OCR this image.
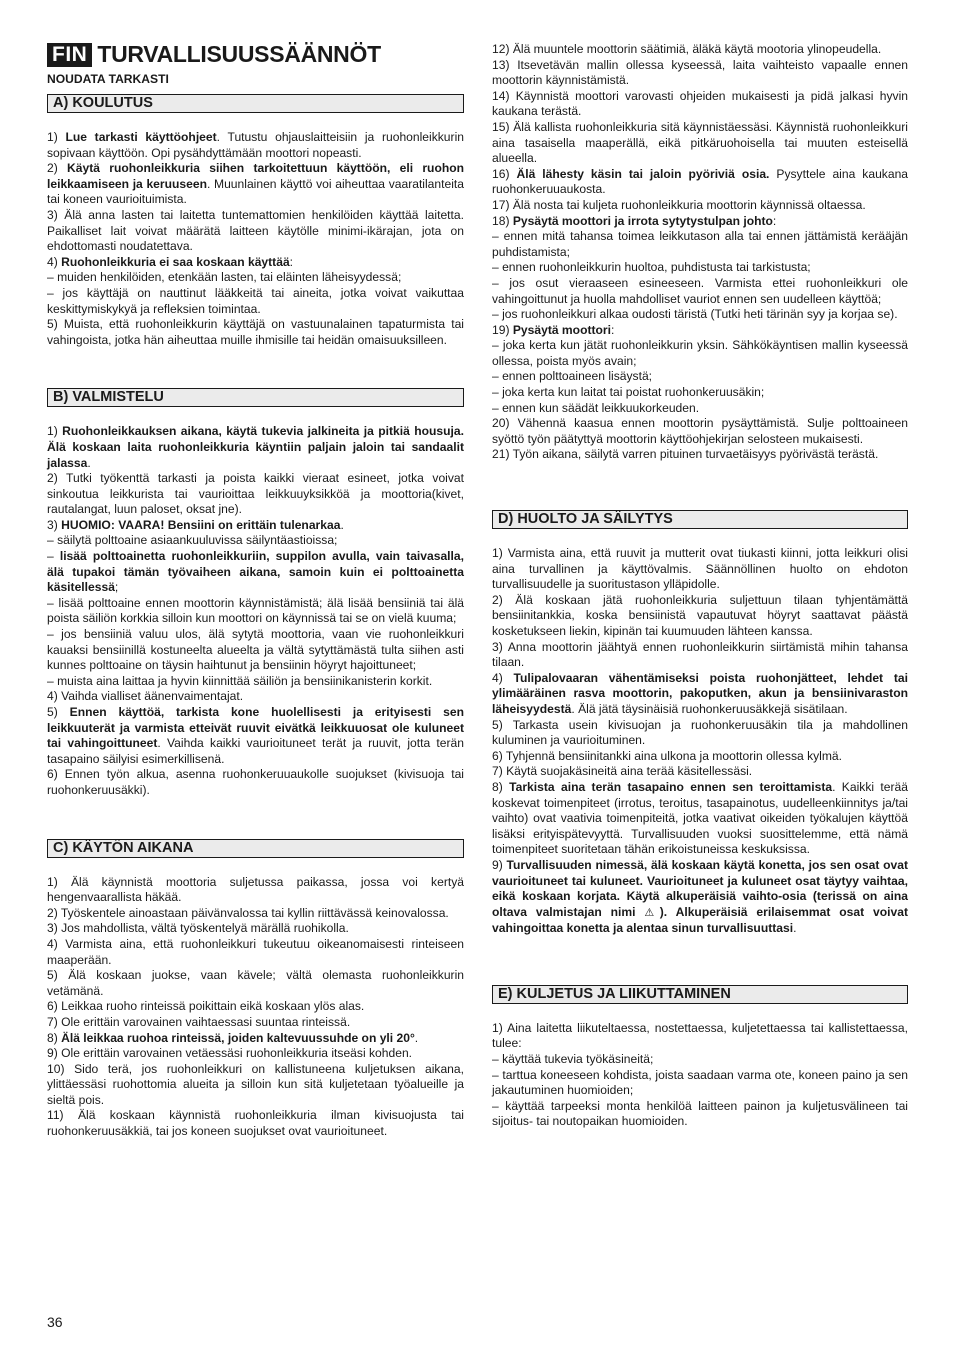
FIN TURVALLISUUSSÄÄNNÖT
NOUDATA TARKASTI
A) KOULUTUS

1) Lue tarkasti käyttöohjeet. Tutustu ohjauslaitteisiin ja ruohonleikkurin sopivaan käyttöön. Opi pysähdyttämään moottori nopeasti.

2) Käytä ruohonleikkuria siihen tarkoitettuun käyttöön, eli ruohon leikkaamiseen ja keruuseen. Muunlainen käyttö voi aiheuttaa vaaratilanteita tai koneen vaurioituimista.

3) Älä anna lasten tai laitetta tuntemattomien henkilöiden käyttää laitetta. Paikalliset lait voivat määrätä laitteen käytölle minimi-ikärajan, jota on ehdottomasti noudatettava.

4) Ruohonleikkuria ei saa koskaan käyttää:

– muiden henkilöiden, etenkään lasten, tai eläinten läheisyydessä;

– jos käyttäjä on nauttinut lääkkeitä tai aineita, jotka voivat vaikuttaa keskittymiskykyä ja refleksien toimintaa.

5) Muista, että ruohonleikkurin käyttäjä on vastuunalainen tapaturmista tai vahingoista, jotka hän aiheuttaa muille ihmisille tai heidän omaisuuksilleen.

B) VALMISTELU

1) Ruohonleikkauksen aikana, käytä tukevia jalkineita ja pitkiä housuja. Älä koskaan laita ruohonleikkuria käyntiin paljain jaloin tai sandaalit jalassa.

2) Tutki työkenttä tarkasti ja poista kaikki vieraat esineet, jotka voivat sinkoutua leikkurista tai vaurioittaa leikkuuyksikköä ja moottoria(kivet, rautalangat, luun paloset, oksat jne).

3) HUOMIO: VAARA! Bensiini on erittäin tulenarkaa.

– säilytä polttoaine asiaankuuluvissa säilyntäastioissa;

– lisää polttoainetta ruohonleikkuriin, suppilon avulla, vain taivasalla, älä tupakoi tämän työvaiheen aikana, samoin kuin ei polttoainetta käsitellessä;

– lisää polttoaine ennen moottorin käynnistämistä; älä lisää bensiiniä tai älä poista säiliön korkkia silloin kun moottori on käynnissä tai se on vielä kuuma;

– jos bensiiniä valuu ulos, älä sytytä moottoria, vaan vie ruohonleikkuri kauaksi bensiinillä kostuneelta alueelta ja vältä sytyttämästä tulta siihen asti kunnes polttoaine on täysin haihtunut ja bensiinin höyryt hajoittuneet;

– muista aina laittaa ja hyvin kiinnittää säiliön ja bensiinikanisterin korkit.

4) Vaihda vialliset äänenvaimentajat.

5) Ennen käyttöä, tarkista kone huolellisesti ja erityisesti sen leikkuuterät ja varmista etteivät ruuvit eivätkä leikkuuosat ole kuluneet tai vahingoittuneet. Vaihda kaikki vaurioituneet terät ja ruuvit, jotta terän tasapaino säilyisi esimerkillisenä.

6) Ennen työn alkua, asenna ruohonkeruuaukolle suojukset (kivisuoja tai ruohonkeruusäkki).

C) KÄYTÖN AIKANA

1) Älä käynnistä moottoria suljetussa paikassa, jossa voi kertyä hengenvaarallista häkää.

2) Työskentele ainoastaan päivänvalossa tai kyllin riittävässä keinovalossa.

3) Jos mahdollista, vältä työskentelyä märällä ruohikolla.

4) Varmista aina, että ruohonleikkuri tukeutuu oikeanomaisesti rinteiseen maaperään.

5) Älä koskaan juokse, vaan kävele; vältä olemasta ruohonleikkurin vetämänä.

6) Leikkaa ruoho rinteissä poikittain eikä koskaan ylös alas.

7) Ole erittäin varovainen vaihtaessasi suuntaa rinteissä.

8) Älä leikkaa ruohoa rinteissä, joiden kaltevuussuhde on yli 20°.

9) Ole erittäin varovainen vetäessäsi ruohonleikkuria itseäsi kohden.

10) Sido terä, jos ruohonleikkuri on kallistuneena kuljetuksen aikana, ylittäessäsi ruohottomia alueita ja silloin kun sitä kuljetetaan työalueille ja sieltä pois.

11) Älä koskaan käynnistä ruohonleikkuria ilman kivisuojusta tai ruohonkeruusäkkiä, tai jos koneen suojukset ovat vaurioituneet.

12) Älä muuntele moottorin säätimiä, äläkä käytä mootoria ylinopeudella.

13) Itsevetävän mallin ollessa kyseessä, laita vaihteisto vapaalle ennen moottorin käynnistämistä.

14) Käynnistä moottori varovasti ohjeiden mukaisesti ja pidä jalkasi hyvin kaukana terästä.

15) Älä kallista ruohonleikkuria sitä käynnistäessäsi. Käynnistä ruohonleikkuri aina tasaisella maaperällä, eikä pitkäruohoisella tai muuten esteisellä alueella.

16) Älä lähesty käsin tai jaloin pyöriviä osia. Pysyttele aina kaukana ruohonkeruuaukosta.

17) Älä nosta tai kuljeta ruohonleikkuria moottorin käynnissä oltaessa.

18) Pysäytä moottori ja irrota sytytystulpan johto:

– ennen mitä tahansa toimea leikkutason alla tai ennen jättämistä kerääjän puhdistamista;

– ennen ruohonleikkurin huoltoa, puhdistusta tai tarkistusta;

– jos osut vieraaseen esineeseen. Varmista ettei ruohonleikkuri ole vahingoittunut ja huolla mahdolliset vauriot ennen sen uudelleen käyttöä;

– jos ruohonleikkuri alkaa oudosti täristä (Tutki heti tärinän syy ja korjaa se).

19) Pysäytä moottori:

– joka kerta kun jätät ruohonleikkurin yksin. Sähkökäyntisen mallin kyseessä ollessa, poista myös avain;

– ennen polttoaineen lisäystä;

– joka kerta kun laitat tai poistat ruohonkeruusäkin;

– ennen kun säädät leikkuukorkeuden.

20) Vähennä kaasua ennen moottorin pysäyttämistä. Sulje polttoaineen syöttö työn päätyttyä moottorin käyttöohjekirjan selosteen mukaisesti.

21) Työn aikana, säilytä varren pituinen turvaetäisyys pyörivästä terästä.

D) HUOLTO JA SÄILYTYS

1) Varmista aina, että ruuvit ja mutterit ovat tiukasti kiinni, jotta leikkuri olisi aina turvallinen ja käyttövalmis. Säännöllinen huolto on ehdoton turvallisuudelle ja suoritustason ylläpidolle.

2) Älä koskaan jätä ruohonleikkuria suljettuun tilaan tyhjentämättä bensiinitankkia, koska bensiinistä vapautuvat höyryt saattavat päästä kosketukseen liekin, kipinän tai kuumuuden lähteen kanssa.

3) Anna moottorin jäähtyä ennen ruohonleikkurin siirtämistä mihin tahansa tilaan.

4) Tulipalovaaran vähentämiseksi poista ruohonjätteet, lehdet tai ylimääräinen rasva moottorin, pakoputken, akun ja bensiinivaraston läheisyydestä. Älä jätä täysinäisiä ruohonkeruusäkkejä sisätilaan.

5) Tarkasta usein kivisuojan ja ruohonkeruusäkin tila ja mahdollinen kuluminen ja vaurioituminen.

6) Tyhjennä bensiinitankki aina ulkona ja moottorin ollessa kylmä.

7) Käytä suojakäsineitä aina terää käsitellessäsi.

8) Tarkista aina terän tasapaino ennen sen teroittamista. Kaikki terää koskevat toimenpiteet (irrotus, teroitus, tasapainotus, uudelleenkiinnitys ja/tai vaihto) ovat vaativia toimenpiteitä, jotka vaativat oikeiden työkalujen käyttöä lisäksi erityispätevyyttä. Turvallisuuden vuoksi suosittelemme, että nämä toimenpiteet suoritetaan tähän erikoistuneissa keskuksissa.

9) Turvallisuuden nimessä, älä koskaan käytä konetta, jos sen osat ovat vaurioituneet tai kuluneet. Vaurioituneet ja kuluneet osat täytyy vaihtaa, eikä koskaan korjata. Käytä alkuperäisiä vaihto-osia (terissä on aina oltava valmistajan nimi ⚠). Alkuperäisiä erilaisemmat osat voivat vahingoittaa konetta ja alentaa sinun turvallisuuttasi.

E) KULJETUS JA LIIKUTTAMINEN

1) Aina laitetta liikuteltaessa, nostettaessa, kuljetettaessa tai kallistettaessa, tulee:

– käyttää tukevia työkäsineitä;

– tarttua koneeseen kohdista, joista saadaan varma ote, koneen paino ja sen jakautuminen huomioiden;

– käyttää tarpeeksi monta henkilöä laitteen painon ja kuljetusvälineen tai sijoitus- tai noutopaikan huomioiden.

36
